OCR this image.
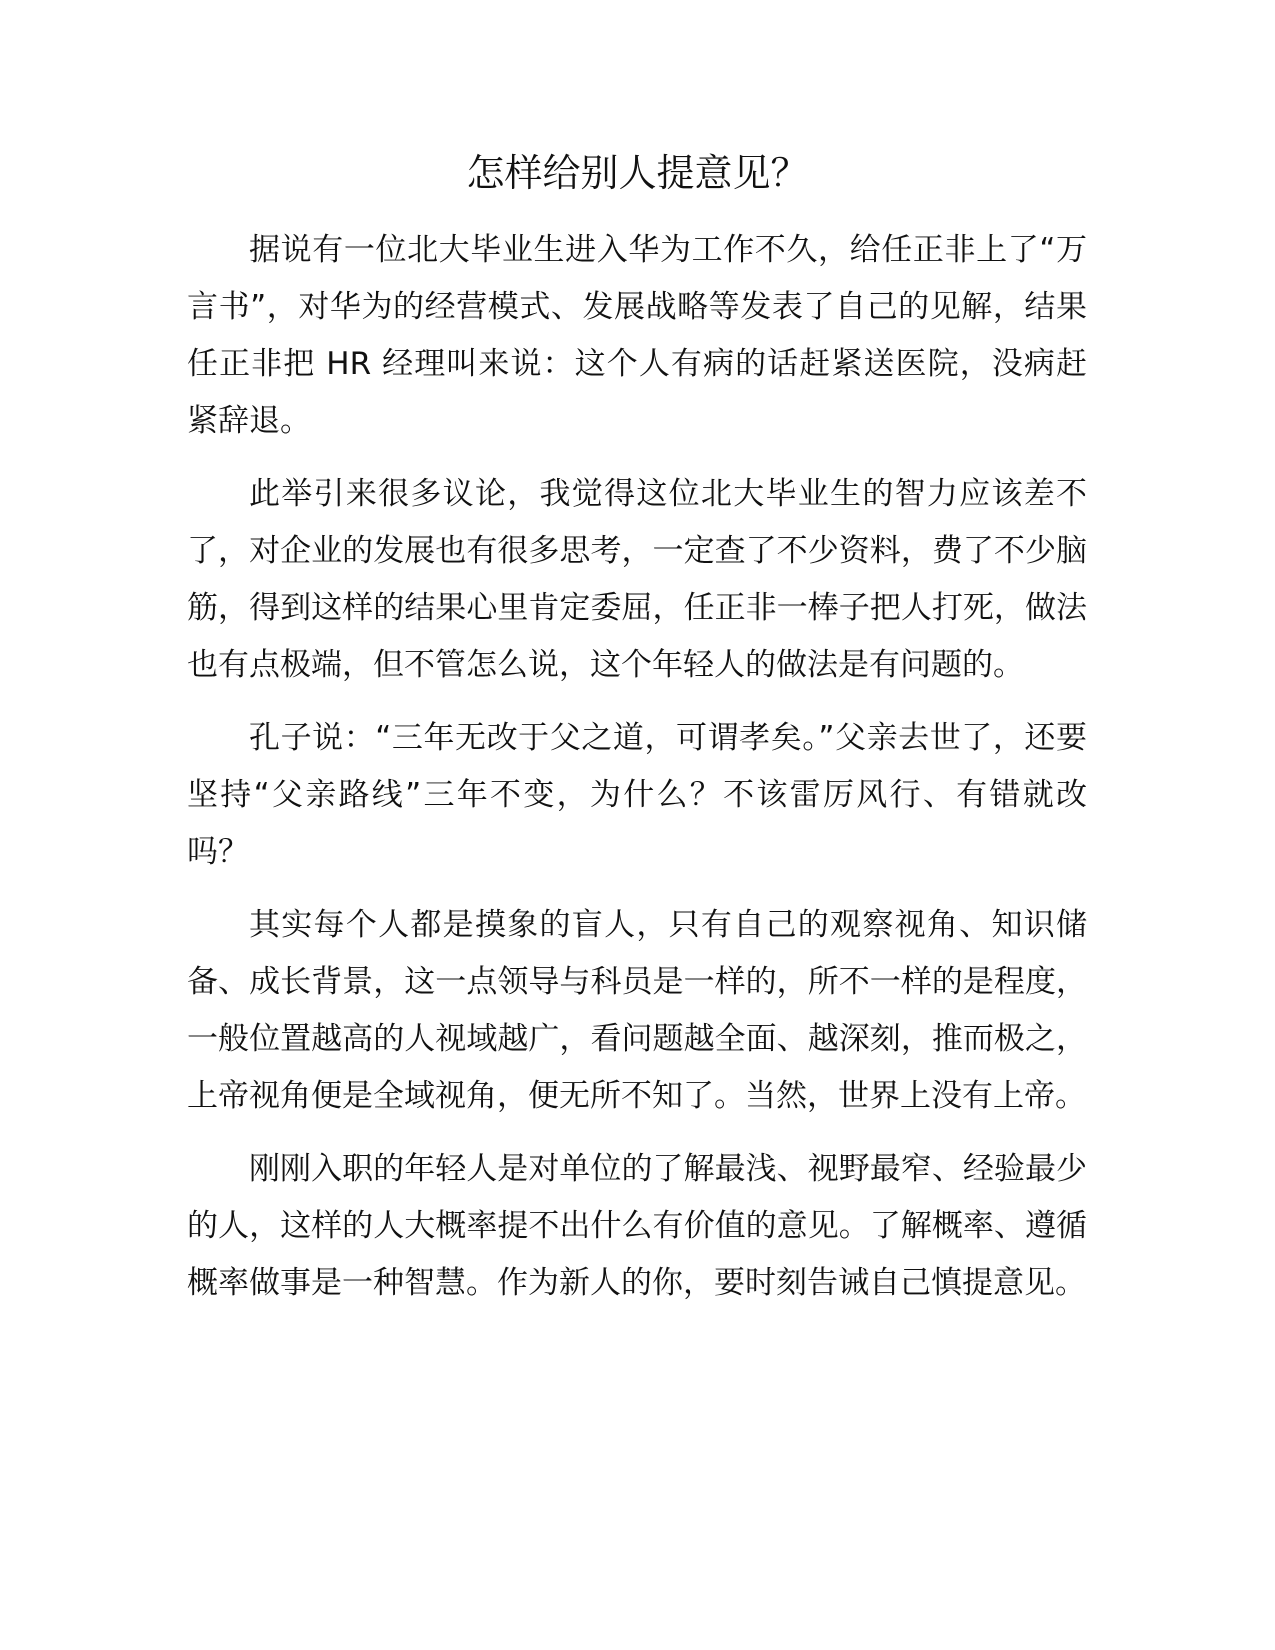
怎样给别人提意见？

据说有一位北大毕业生进入华为工作不久，给任正非上了“万言书”，对华为的经营模式、发展战略等发表了自己的见解，结果任正非把 HR 经理叫来说：这个人有病的话赶紧送医院，没病赶紧辞退。

此举引来很多议论，我觉得这位北大毕业生的智力应该差不了，对企业的发展也有很多思考，一定查了不少资料，费了不少脑筋，得到这样的结果心里肯定委屈，任正非一棒子把人打死，做法也有点极端，但不管怎么说，这个年轻人的做法是有问题的。

孔子说：“三年无改于父之道，可谓孝矣。”父亲去世了，还要坚持“父亲路线”三年不变，为什么？不该雷厉风行、有错就改吗？

其实每个人都是摸象的盲人，只有自己的观察视角、知识储备、成长背景，这一点领导与科员是一样的，所不一样的是程度，一般位置越高的人视域越广，看问题越全面、越深刻，推而极之，上帝视角便是全域视角，便无所不知了。当然，世界上没有上帝。

刚刚入职的年轻人是对单位的了解最浅、视野最窄、经验最少的人，这样的人大概率提不出什么有价值的意见。了解概率、遵循概率做事是一种智慧。作为新人的你，要时刻告诫自己慎提意见。
